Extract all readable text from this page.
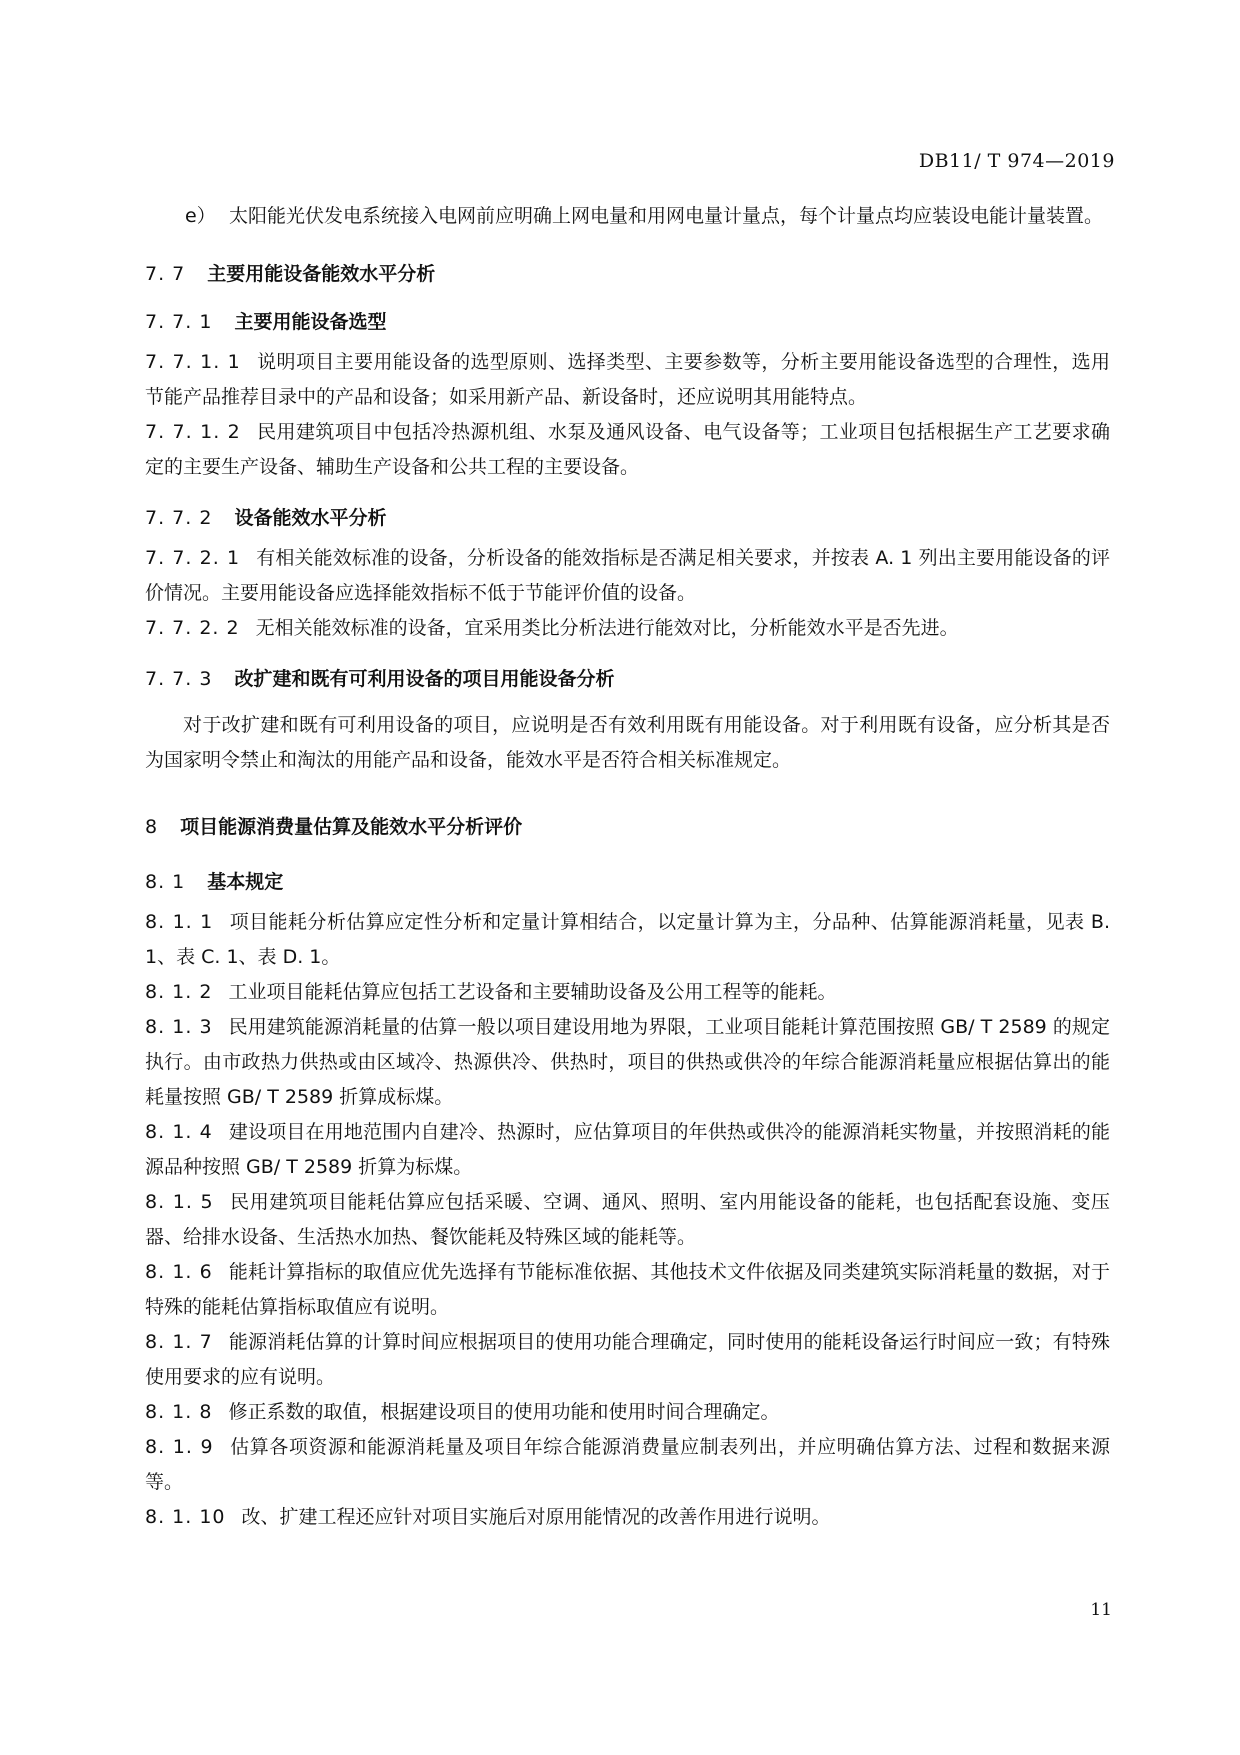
DB11/ T 974—2019
e） 太阳能光伏发电系统接入电网前应明确上网电量和用网电量计量点，每个计量点均应装设电能计量装置。
7. 7 主要用能设备能效水平分析
7. 7. 1 主要用能设备选型
7. 7. 1. 1 说明项目主要用能设备的选型原则、选择类型、主要参数等，分析主要用能设备选型的合理性，选用节能产品推荐目录中的产品和设备；如采用新产品、新设备时，还应说明其用能特点。
7. 7. 1. 2 民用建筑项目中包括冷热源机组、水泵及通风设备、电气设备等；工业项目包括根据生产工艺要求确定的主要生产设备、辅助生产设备和公共工程的主要设备。
7. 7. 2 设备能效水平分析
7. 7. 2. 1 有相关能效标准的设备，分析设备的能效指标是否满足相关要求，并按表 A. 1 列出主要用能设备的评价情况。主要用能设备应选择能效指标不低于节能评价值的设备。
7. 7. 2. 2 无相关能效标准的设备，宜采用类比分析法进行能效对比，分析能效水平是否先进。
7. 7. 3 改扩建和既有可利用设备的项目用能设备分析
对于改扩建和既有可利用设备的项目，应说明是否有效利用既有用能设备。对于利用既有设备，应分析其是否为国家明令禁止和淘汰的用能产品和设备，能效水平是否符合相关标准规定。
8 项目能源消费量估算及能效水平分析评价
8. 1 基本规定
8. 1. 1 项目能耗分析估算应定性分析和定量计算相结合，以定量计算为主，分品种、估算能源消耗量，见表 B. 1、表 C. 1、表 D. 1。
8. 1. 2 工业项目能耗估算应包括工艺设备和主要辅助设备及公用工程等的能耗。
8. 1. 3 民用建筑能源消耗量的估算一般以项目建设用地为界限，工业项目能耗计算范围按照 GB/ T 2589 的规定执行。由市政热力供热或由区域冷、热源供冷、供热时，项目的供热或供冷的年综合能源消耗量应根据估算出的能耗量按照 GB/ T 2589 折算成标煤。
8. 1. 4 建设项目在用地范围内自建冷、热源时，应估算项目的年供热或供冷的能源消耗实物量，并按照消耗的能源品种按照 GB/ T 2589 折算为标煤。
8. 1. 5 民用建筑项目能耗估算应包括采暖、空调、通风、照明、室内用能设备的能耗，也包括配套设施、变压器、给排水设备、生活热水加热、餐饮能耗及特殊区域的能耗等。
8. 1. 6 能耗计算指标的取值应优先选择有节能标准依据、其他技术文件依据及同类建筑实际消耗量的数据，对于特殊的能耗估算指标取值应有说明。
8. 1. 7 能源消耗估算的计算时间应根据项目的使用功能合理确定，同时使用的能耗设备运行时间应一致；有特殊使用要求的应有说明。
8. 1. 8 修正系数的取值，根据建设项目的使用功能和使用时间合理确定。
8. 1. 9 估算各项资源和能源消耗量及项目年综合能源消费量应制表列出，并应明确估算方法、过程和数据来源等。
8. 1. 10 改、扩建工程还应针对项目实施后对原用能情况的改善作用进行说明。
11
